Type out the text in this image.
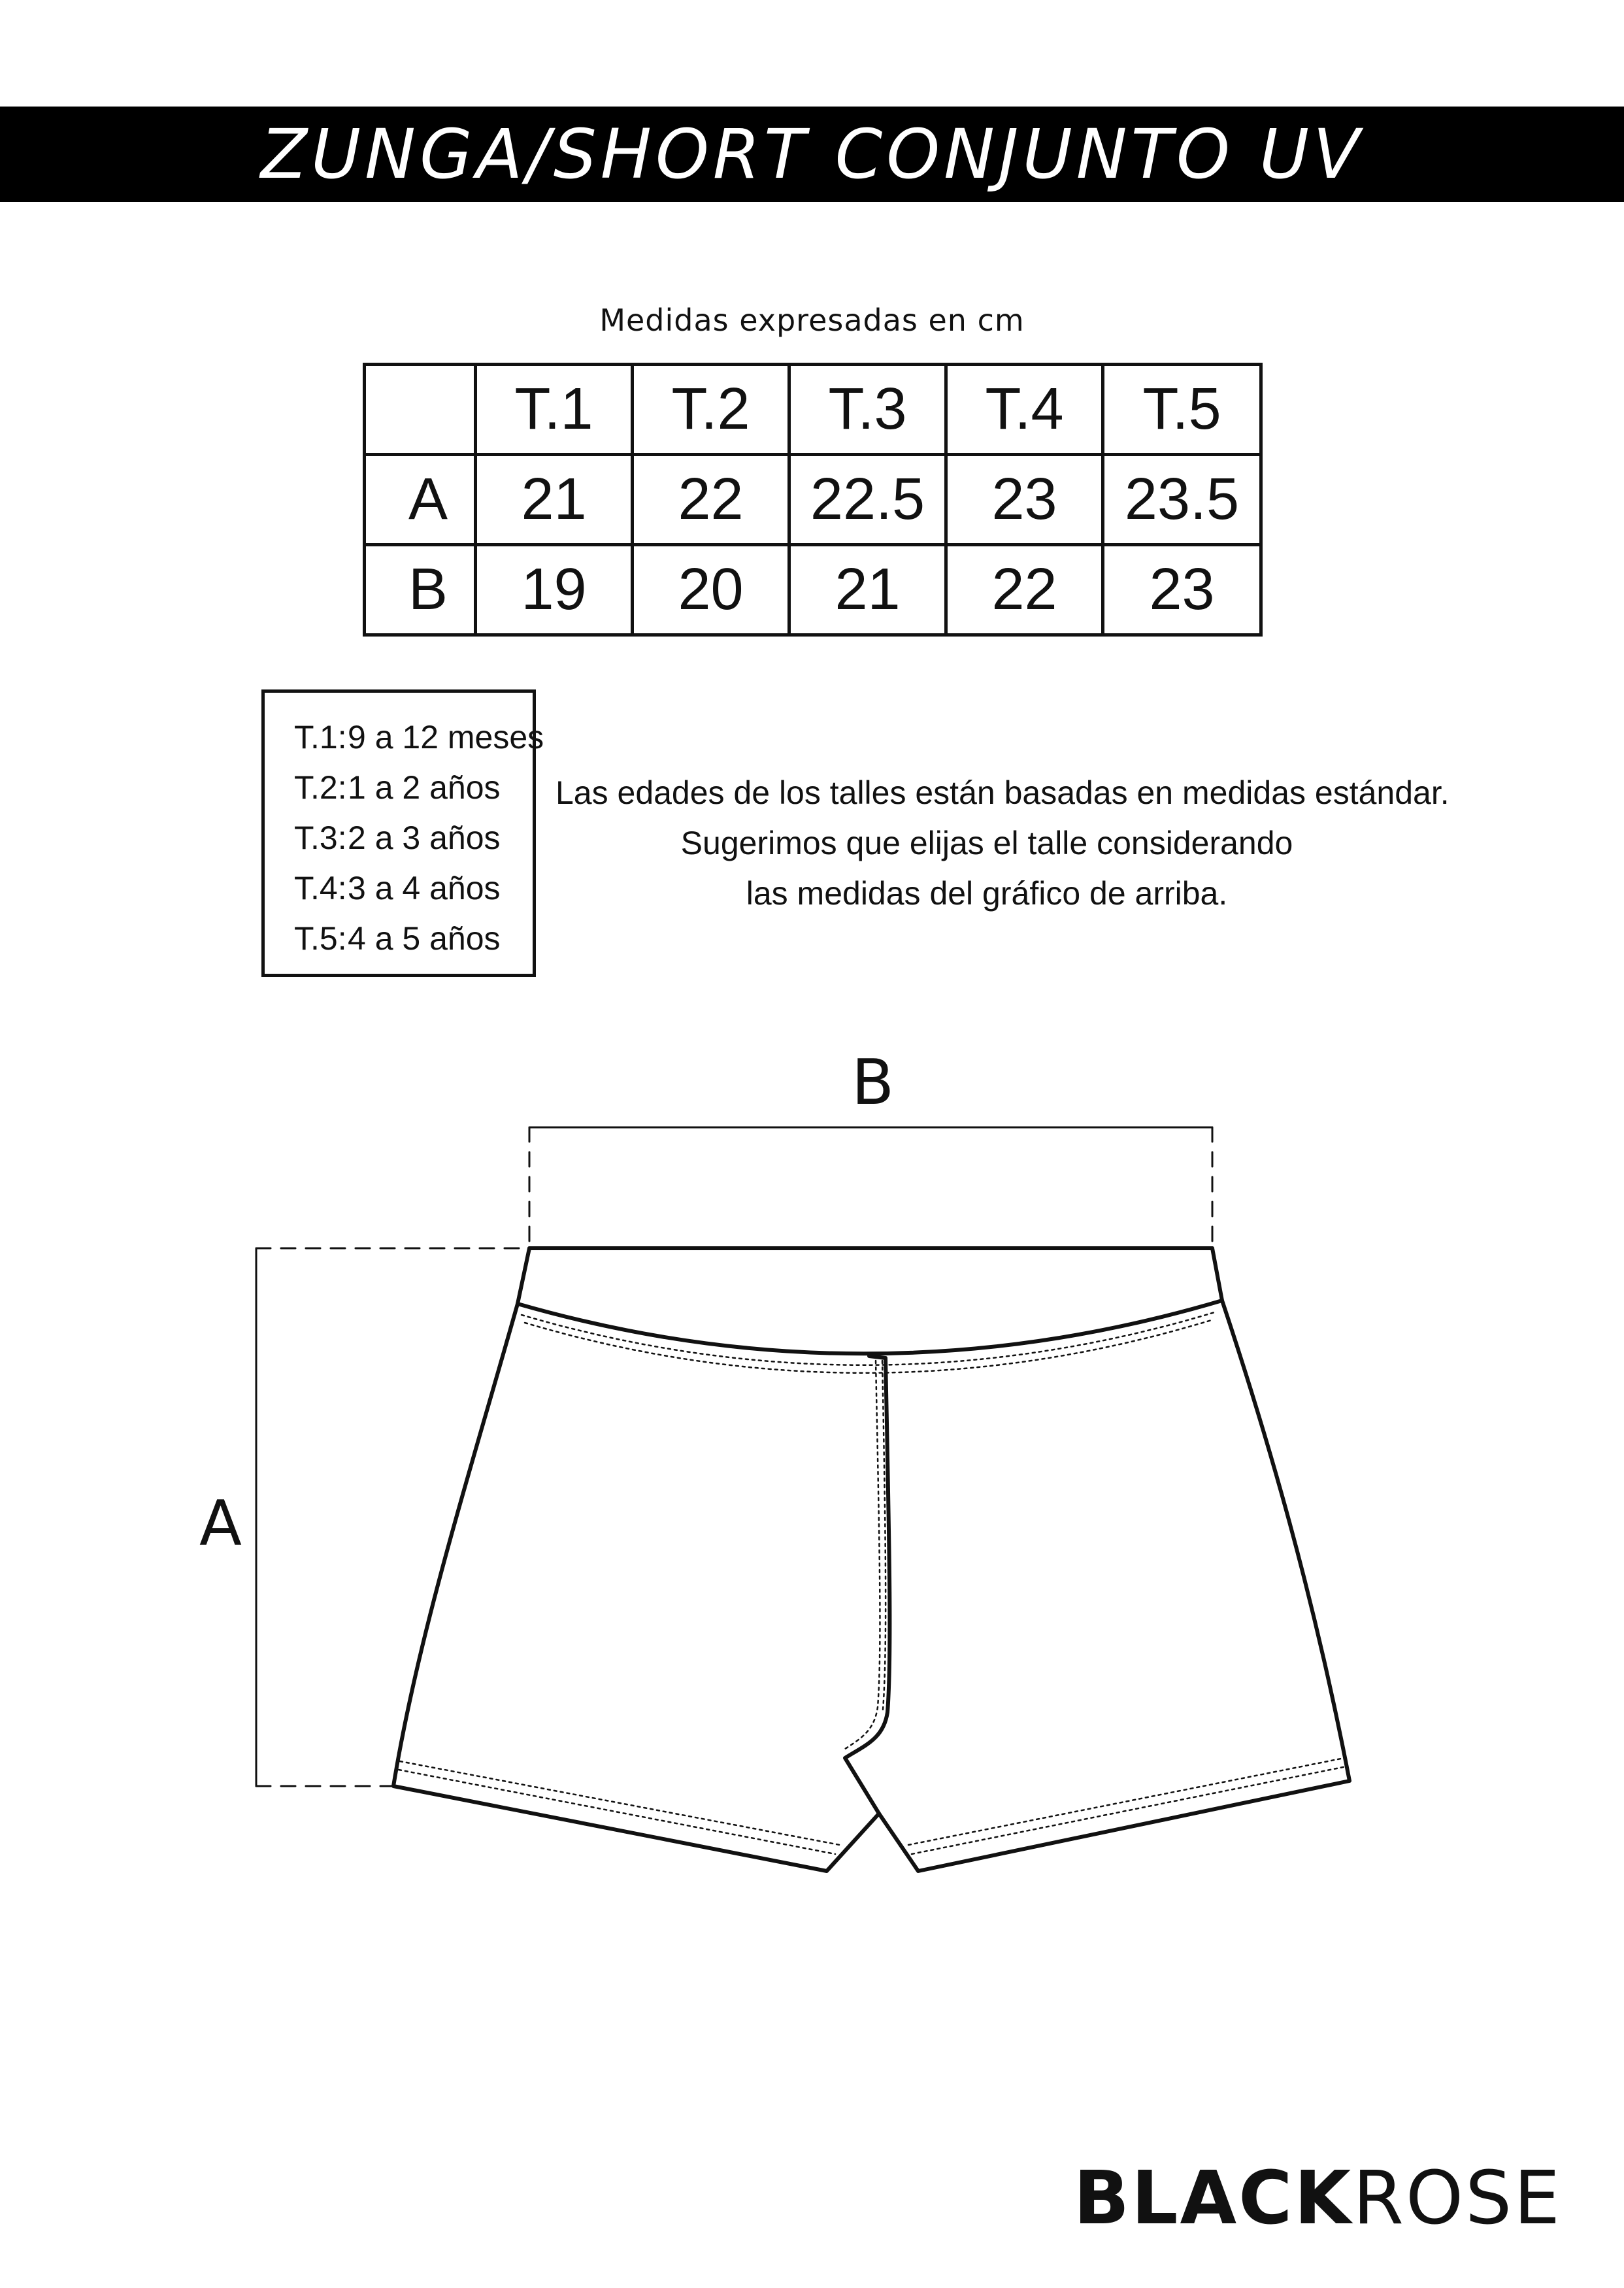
ZUNGA/SHORT CONJUNTO UV
Medidas expresadas en cm
	T.1	T.2	T.3	T.4	T.5
A	21	22	22.5	23	23.5
B	19	20	21	22	23
T.1:9 a 12 meses
T.2:1 a 2 años
T.3:2 a 3 años
T.4:3 a 4 años
T.5:4 a 5 años
Las edades de los talles están basadas en medidas estándar.
Sugerimos que elijas el talle considerando
las medidas del gráfico de arriba.
B
A
BLACKROSE
